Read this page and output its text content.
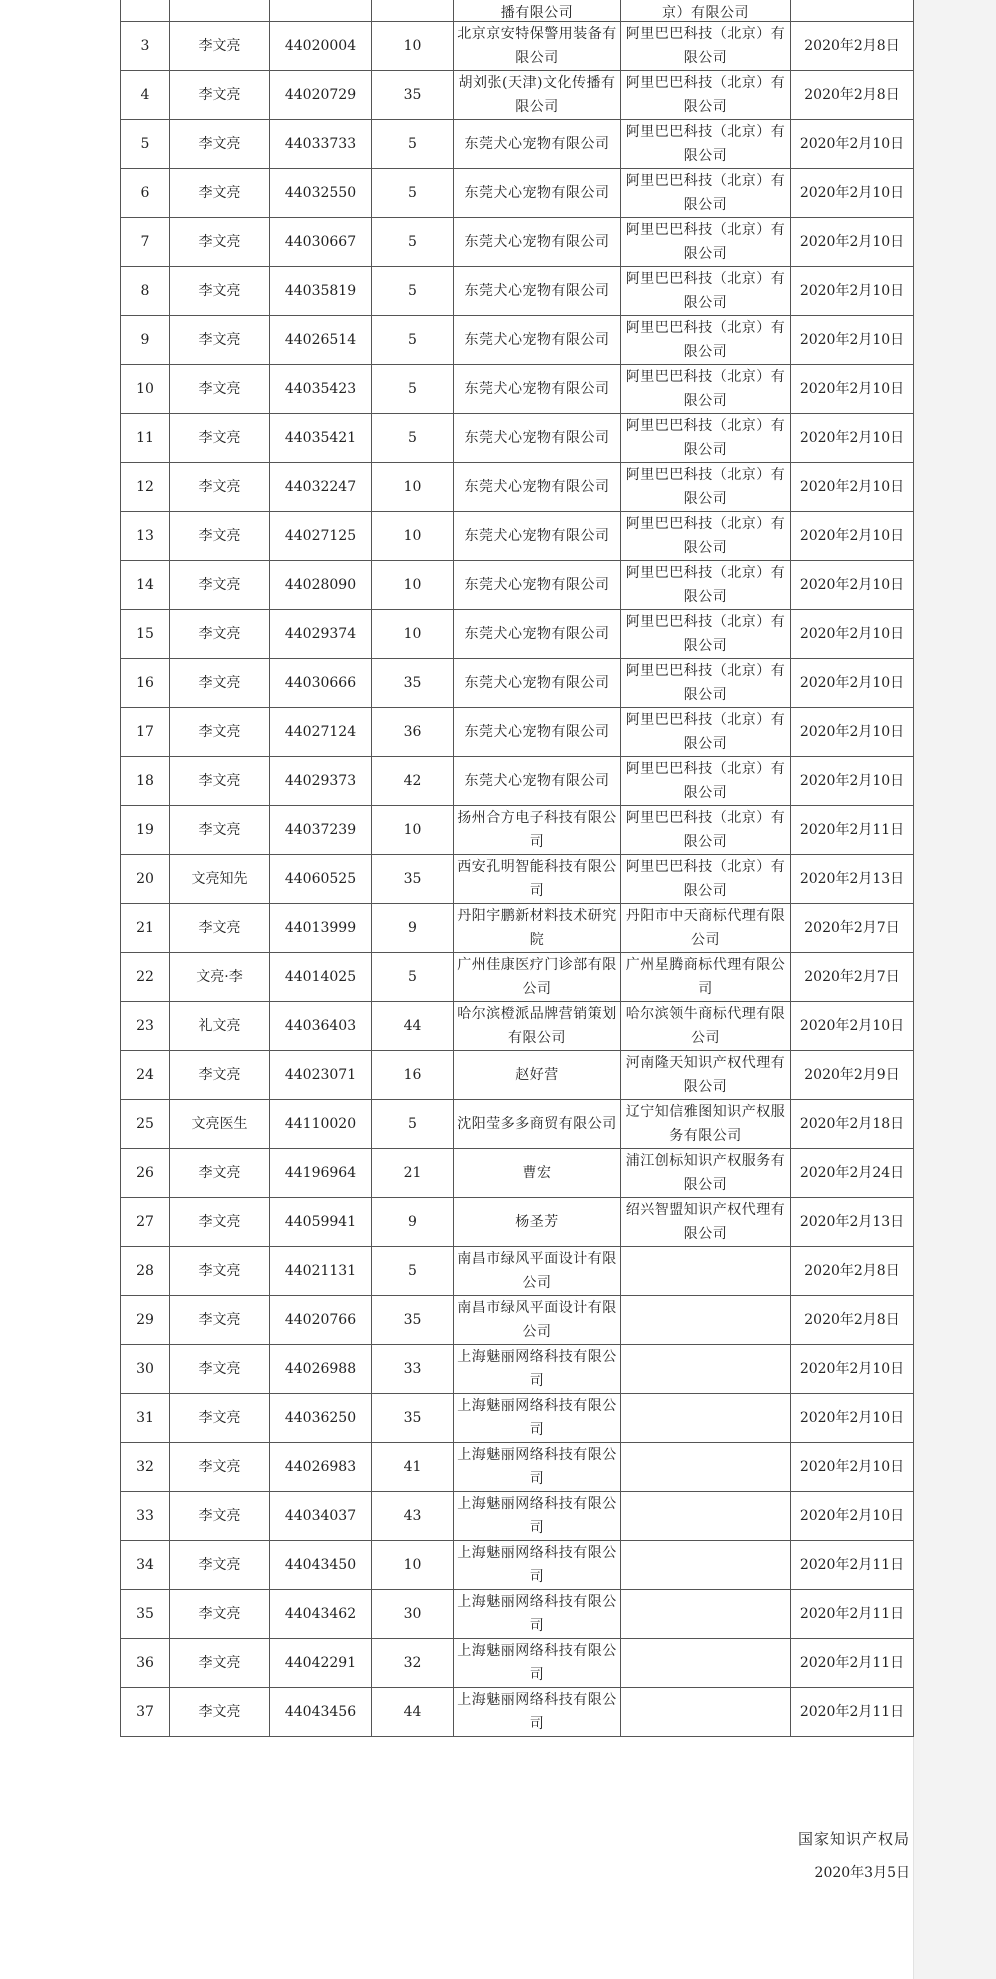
				播有限公司	京）有限公司	
3	李文亮	44020004	10	北京京安特保警用装备有限公司	阿里巴巴科技（北京）有限公司	2020年2月8日
4	李文亮	44020729	35	胡刘张(天津)文化传播有限公司	阿里巴巴科技（北京）有限公司	2020年2月8日
5	李文亮	44033733	5	东莞犬心宠物有限公司	阿里巴巴科技（北京）有限公司	2020年2月10日
6	李文亮	44032550	5	东莞犬心宠物有限公司	阿里巴巴科技（北京）有限公司	2020年2月10日
7	李文亮	44030667	5	东莞犬心宠物有限公司	阿里巴巴科技（北京）有限公司	2020年2月10日
8	李文亮	44035819	5	东莞犬心宠物有限公司	阿里巴巴科技（北京）有限公司	2020年2月10日
9	李文亮	44026514	5	东莞犬心宠物有限公司	阿里巴巴科技（北京）有限公司	2020年2月10日
10	李文亮	44035423	5	东莞犬心宠物有限公司	阿里巴巴科技（北京）有限公司	2020年2月10日
11	李文亮	44035421	5	东莞犬心宠物有限公司	阿里巴巴科技（北京）有限公司	2020年2月10日
12	李文亮	44032247	10	东莞犬心宠物有限公司	阿里巴巴科技（北京）有限公司	2020年2月10日
13	李文亮	44027125	10	东莞犬心宠物有限公司	阿里巴巴科技（北京）有限公司	2020年2月10日
14	李文亮	44028090	10	东莞犬心宠物有限公司	阿里巴巴科技（北京）有限公司	2020年2月10日
15	李文亮	44029374	10	东莞犬心宠物有限公司	阿里巴巴科技（北京）有限公司	2020年2月10日
16	李文亮	44030666	35	东莞犬心宠物有限公司	阿里巴巴科技（北京）有限公司	2020年2月10日
17	李文亮	44027124	36	东莞犬心宠物有限公司	阿里巴巴科技（北京）有限公司	2020年2月10日
18	李文亮	44029373	42	东莞犬心宠物有限公司	阿里巴巴科技（北京）有限公司	2020年2月10日
19	李文亮	44037239	10	扬州合方电子科技有限公司	阿里巴巴科技（北京）有限公司	2020年2月11日
20	文亮知先	44060525	35	西安孔明智能科技有限公司	阿里巴巴科技（北京）有限公司	2020年2月13日
21	李文亮	44013999	9	丹阳宇鹏新材料技术研究院	丹阳市中天商标代理有限公司	2020年2月7日
22	文亮·李	44014025	5	广州佳康医疗门诊部有限公司	广州星腾商标代理有限公司	2020年2月7日
23	礼文亮	44036403	44	哈尔滨橙派品牌营销策划有限公司	哈尔滨领牛商标代理有限公司	2020年2月10日
24	李文亮	44023071	16	赵好营	河南隆天知识产权代理有限公司	2020年2月9日
25	文亮医生	44110020	5	沈阳莹多多商贸有限公司	辽宁知信雅图知识产权服务有限公司	2020年2月18日
26	李文亮	44196964	21	曹宏	浦江创标知识产权服务有限公司	2020年2月24日
27	李文亮	44059941	9	杨圣芳	绍兴智盟知识产权代理有限公司	2020年2月13日
28	李文亮	44021131	5	南昌市绿风平面设计有限公司		2020年2月8日
29	李文亮	44020766	35	南昌市绿风平面设计有限公司		2020年2月8日
30	李文亮	44026988	33	上海魅丽网络科技有限公司		2020年2月10日
31	李文亮	44036250	35	上海魅丽网络科技有限公司		2020年2月10日
32	李文亮	44026983	41	上海魅丽网络科技有限公司		2020年2月10日
33	李文亮	44034037	43	上海魅丽网络科技有限公司		2020年2月10日
34	李文亮	44043450	10	上海魅丽网络科技有限公司		2020年2月11日
35	李文亮	44043462	30	上海魅丽网络科技有限公司		2020年2月11日
36	李文亮	44042291	32	上海魅丽网络科技有限公司		2020年2月11日
37	李文亮	44043456	44	上海魅丽网络科技有限公司		2020年2月11日
国家知识产权局
2020年3月5日
